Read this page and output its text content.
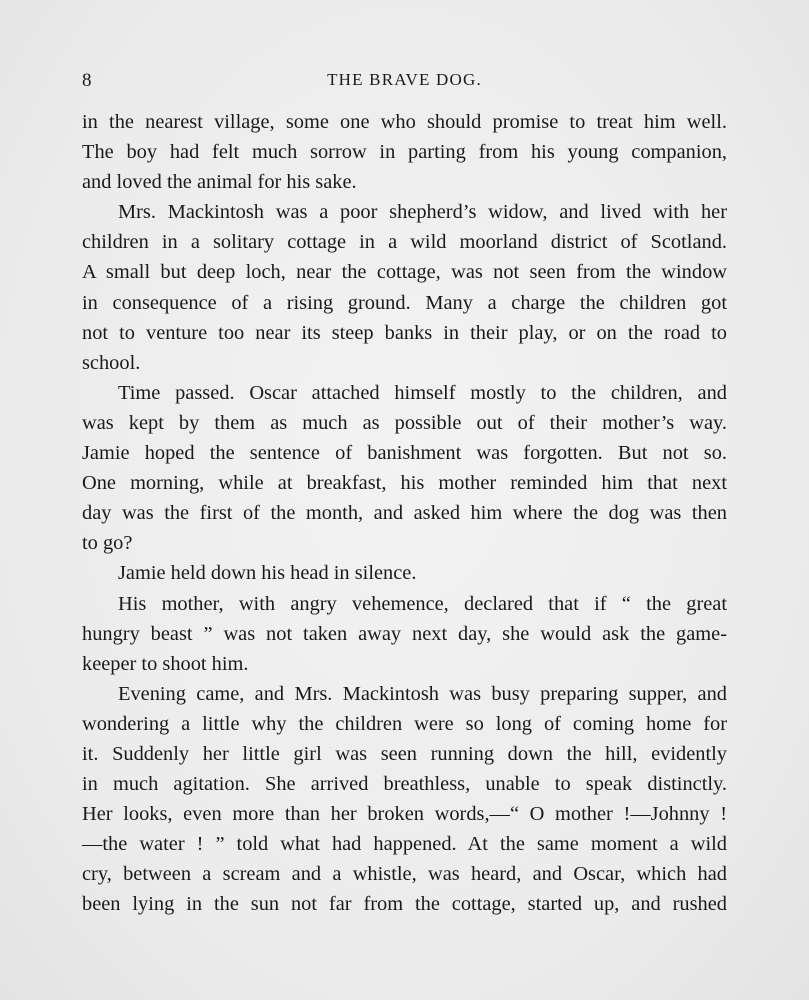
8	THE BRAVE DOG.

in the nearest village, some one who should promise to treat him well.
The boy had felt much sorrow in parting from his young companion,
and loved the animal for his sake.

Mrs. Mackintosh was a poor shepherd’s widow, and lived with her
children in a solitary cottage in a wild moorland district of Scotland.
A small but deep loch, near the cottage, was not seen from the window
in consequence of a rising ground. Many a charge the children got
not to venture too near its steep banks in their play, or on the road to
school.

Time passed. Oscar attached himself mostly to the children, and
was kept by them as much as possible out of their mother’s way.
Jamie hoped the sentence of banishment was forgotten. But not so.
One morning, while at breakfast, his mother reminded him that next
day was the first of the month, and asked him where the dog was then
to go?

Jamie held down his head in silence.

His mother, with angry vehemence, declared that if “ the great
hungry beast ” was not taken away next day, she would ask the game-
keeper to shoot him.

Evening came, and Mrs. Mackintosh was busy preparing supper, and
wondering a little why the children were so long of coming home for
it. Suddenly her little girl was seen running down the hill, evidently
in much agitation. She arrived breathless, unable to speak distinctly.
Her looks, even more than her broken words,—“ O mother !—Johnny !
—the water ! ” told what had happened. At the same moment a wild
cry, between a scream and a whistle, was heard, and Oscar, which had
been lying in the sun not far from the cottage, started up, and rushed
